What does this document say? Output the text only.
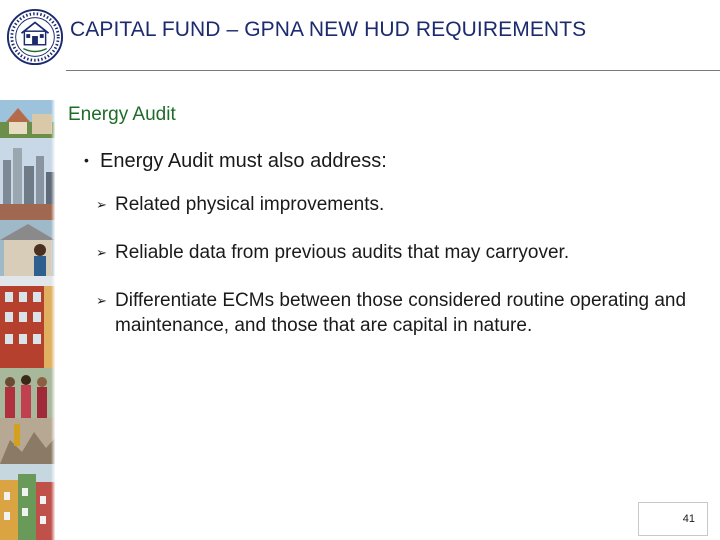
CAPITAL FUND – GPNA NEW HUD REQUIREMENTS
Energy Audit
• Energy Audit must also address:
➢ Related physical improvements.
➢ Reliable data from previous audits that may carryover.
➢ Differentiate ECMs between those considered routine operating and maintenance, and those that are capital in nature.
41
